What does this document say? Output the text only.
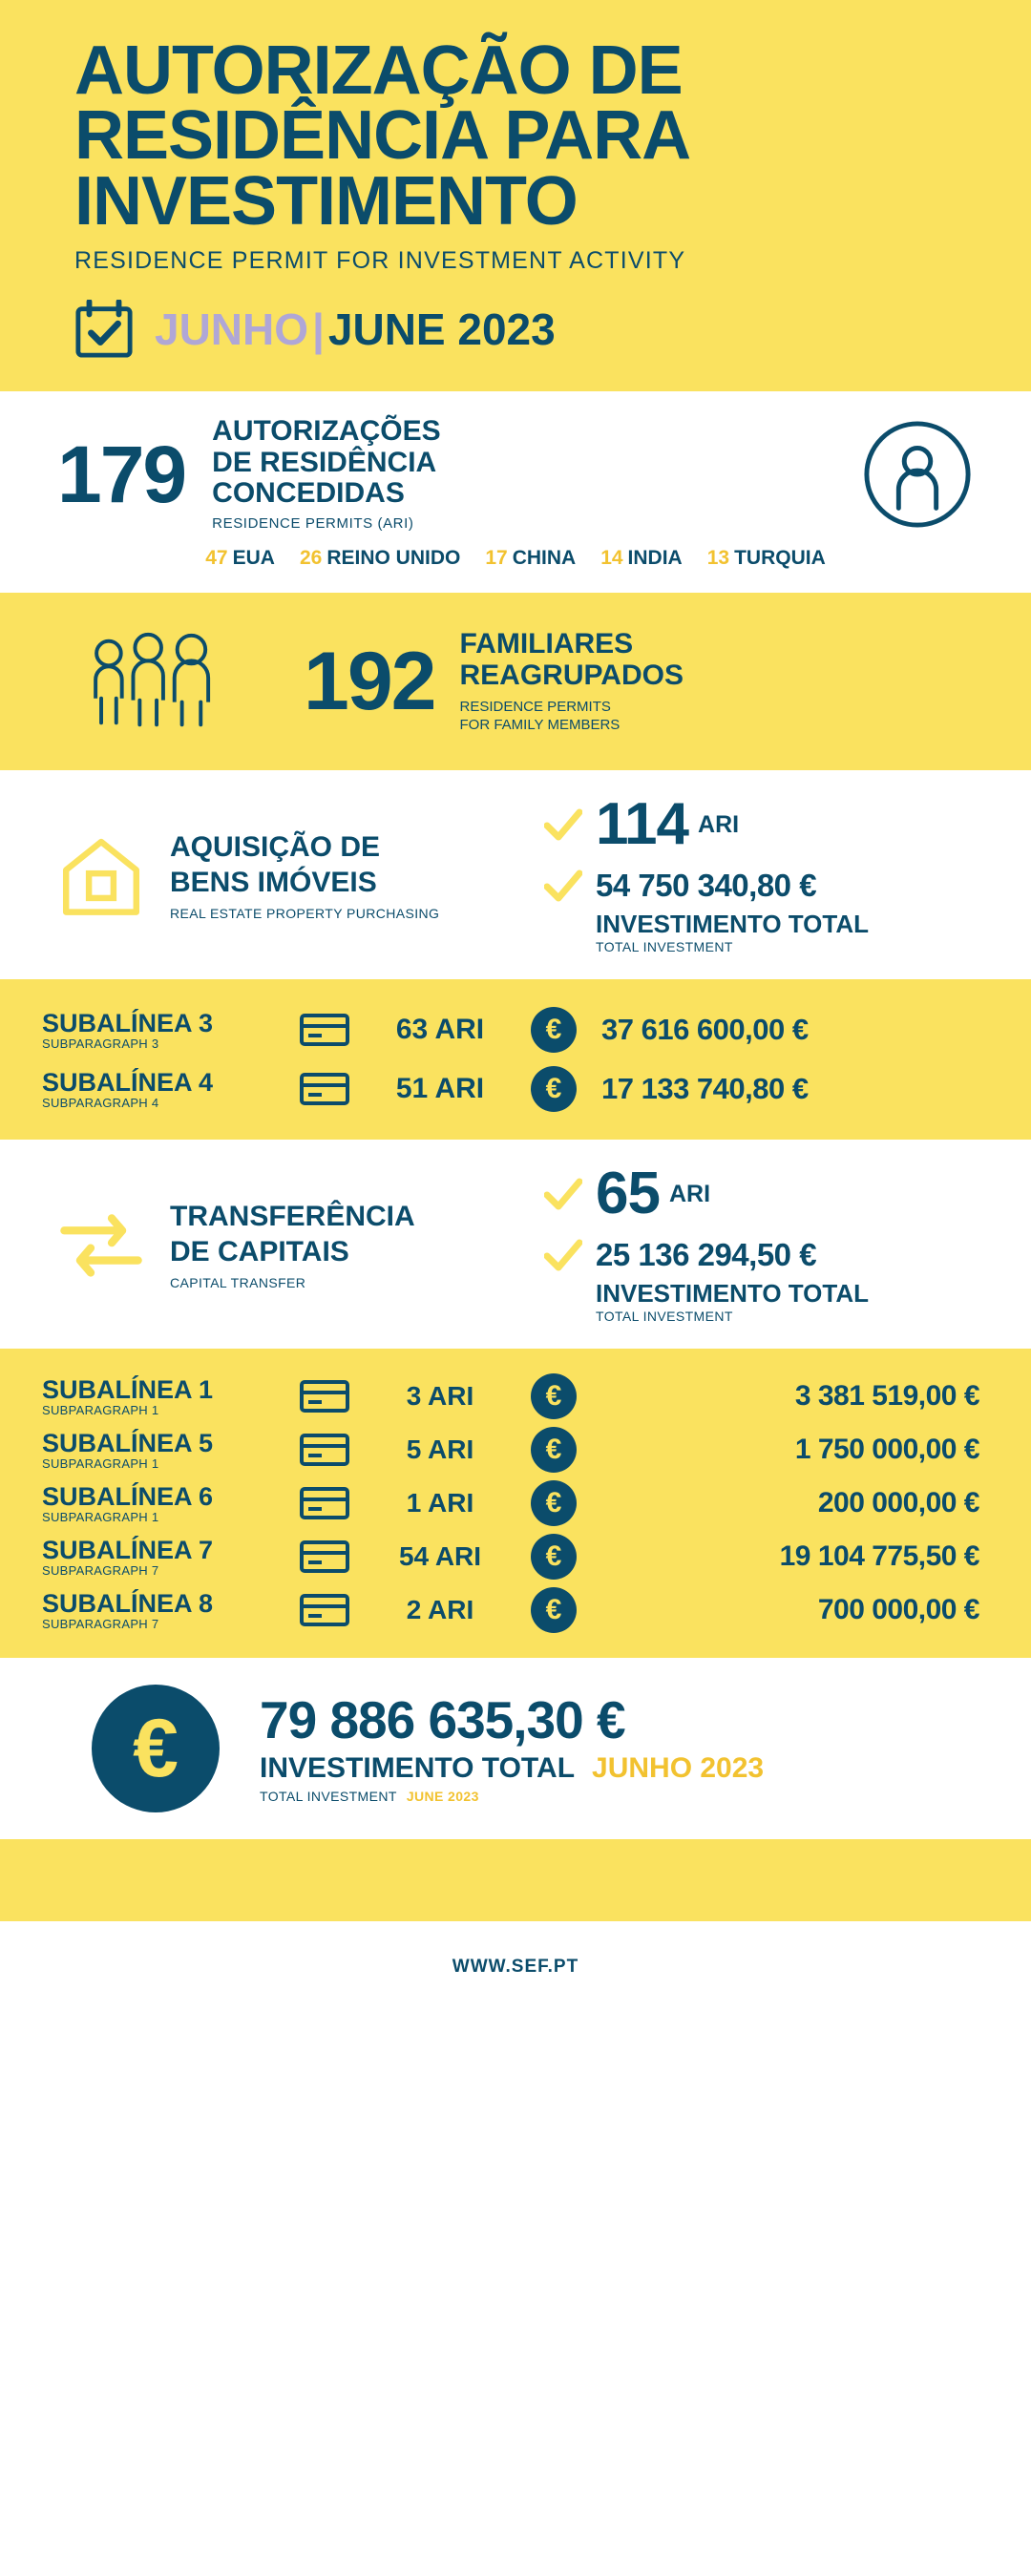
AUTORIZAÇÃO DE
RESIDÊNCIA PARA
INVESTIMENTO
RESIDENCE PERMIT FOR INVESTMENT ACTIVITY
JUNHO|JUNE 2023
179 AUTORIZAÇÕES
DE RESIDÊNCIA
CONCEDIDAS
RESIDENCE PERMITS (ARI)
47 EUA 26 REINO UNIDO 17 CHINA 14 INDIA 13 TURQUIA
192 FAMILIARES
REAGRUPADOS
RESIDENCE PERMITS
FOR FAMILY MEMBERS
AQUISIÇÃO DE
BENS IMÓVEIS
REAL ESTATE PROPERTY PURCHASING
114 ARI
54 750 340,80 €
INVESTIMENTO TOTAL
TOTAL INVESTMENT
SUBALÍNEA 3
SUBPARAGRAPH 3	63 ARI	€	37 616 600,00 €
SUBALÍNEA 4
SUBPARAGRAPH 4	51 ARI	€	17 133 740,80 €
TRANSFERÊNCIA
DE CAPITAIS
CAPITAL TRANSFER
65 ARI
25 136 294,50 €
INVESTIMENTO TOTAL
TOTAL INVESTMENT
SUBALÍNEA 1
SUBPARAGRAPH 1	3 ARI	€	3 381 519,00 €
SUBALÍNEA 5
SUBPARAGRAPH 1	5 ARI	€	1 750 000,00 €
SUBALÍNEA 6
SUBPARAGRAPH 1	1 ARI	€	200 000,00 €
SUBALÍNEA 7
SUBPARAGRAPH 7	54 ARI	€	19 104 775,50 €
SUBALÍNEA 8
SUBPARAGRAPH 7	2 ARI	€	700 000,00 €
€	79 886 635,30 €
INVESTIMENTO TOTAL JUNHO 2023
TOTAL INVESTMENT JUNE 2023
WWW.SEF.PT
